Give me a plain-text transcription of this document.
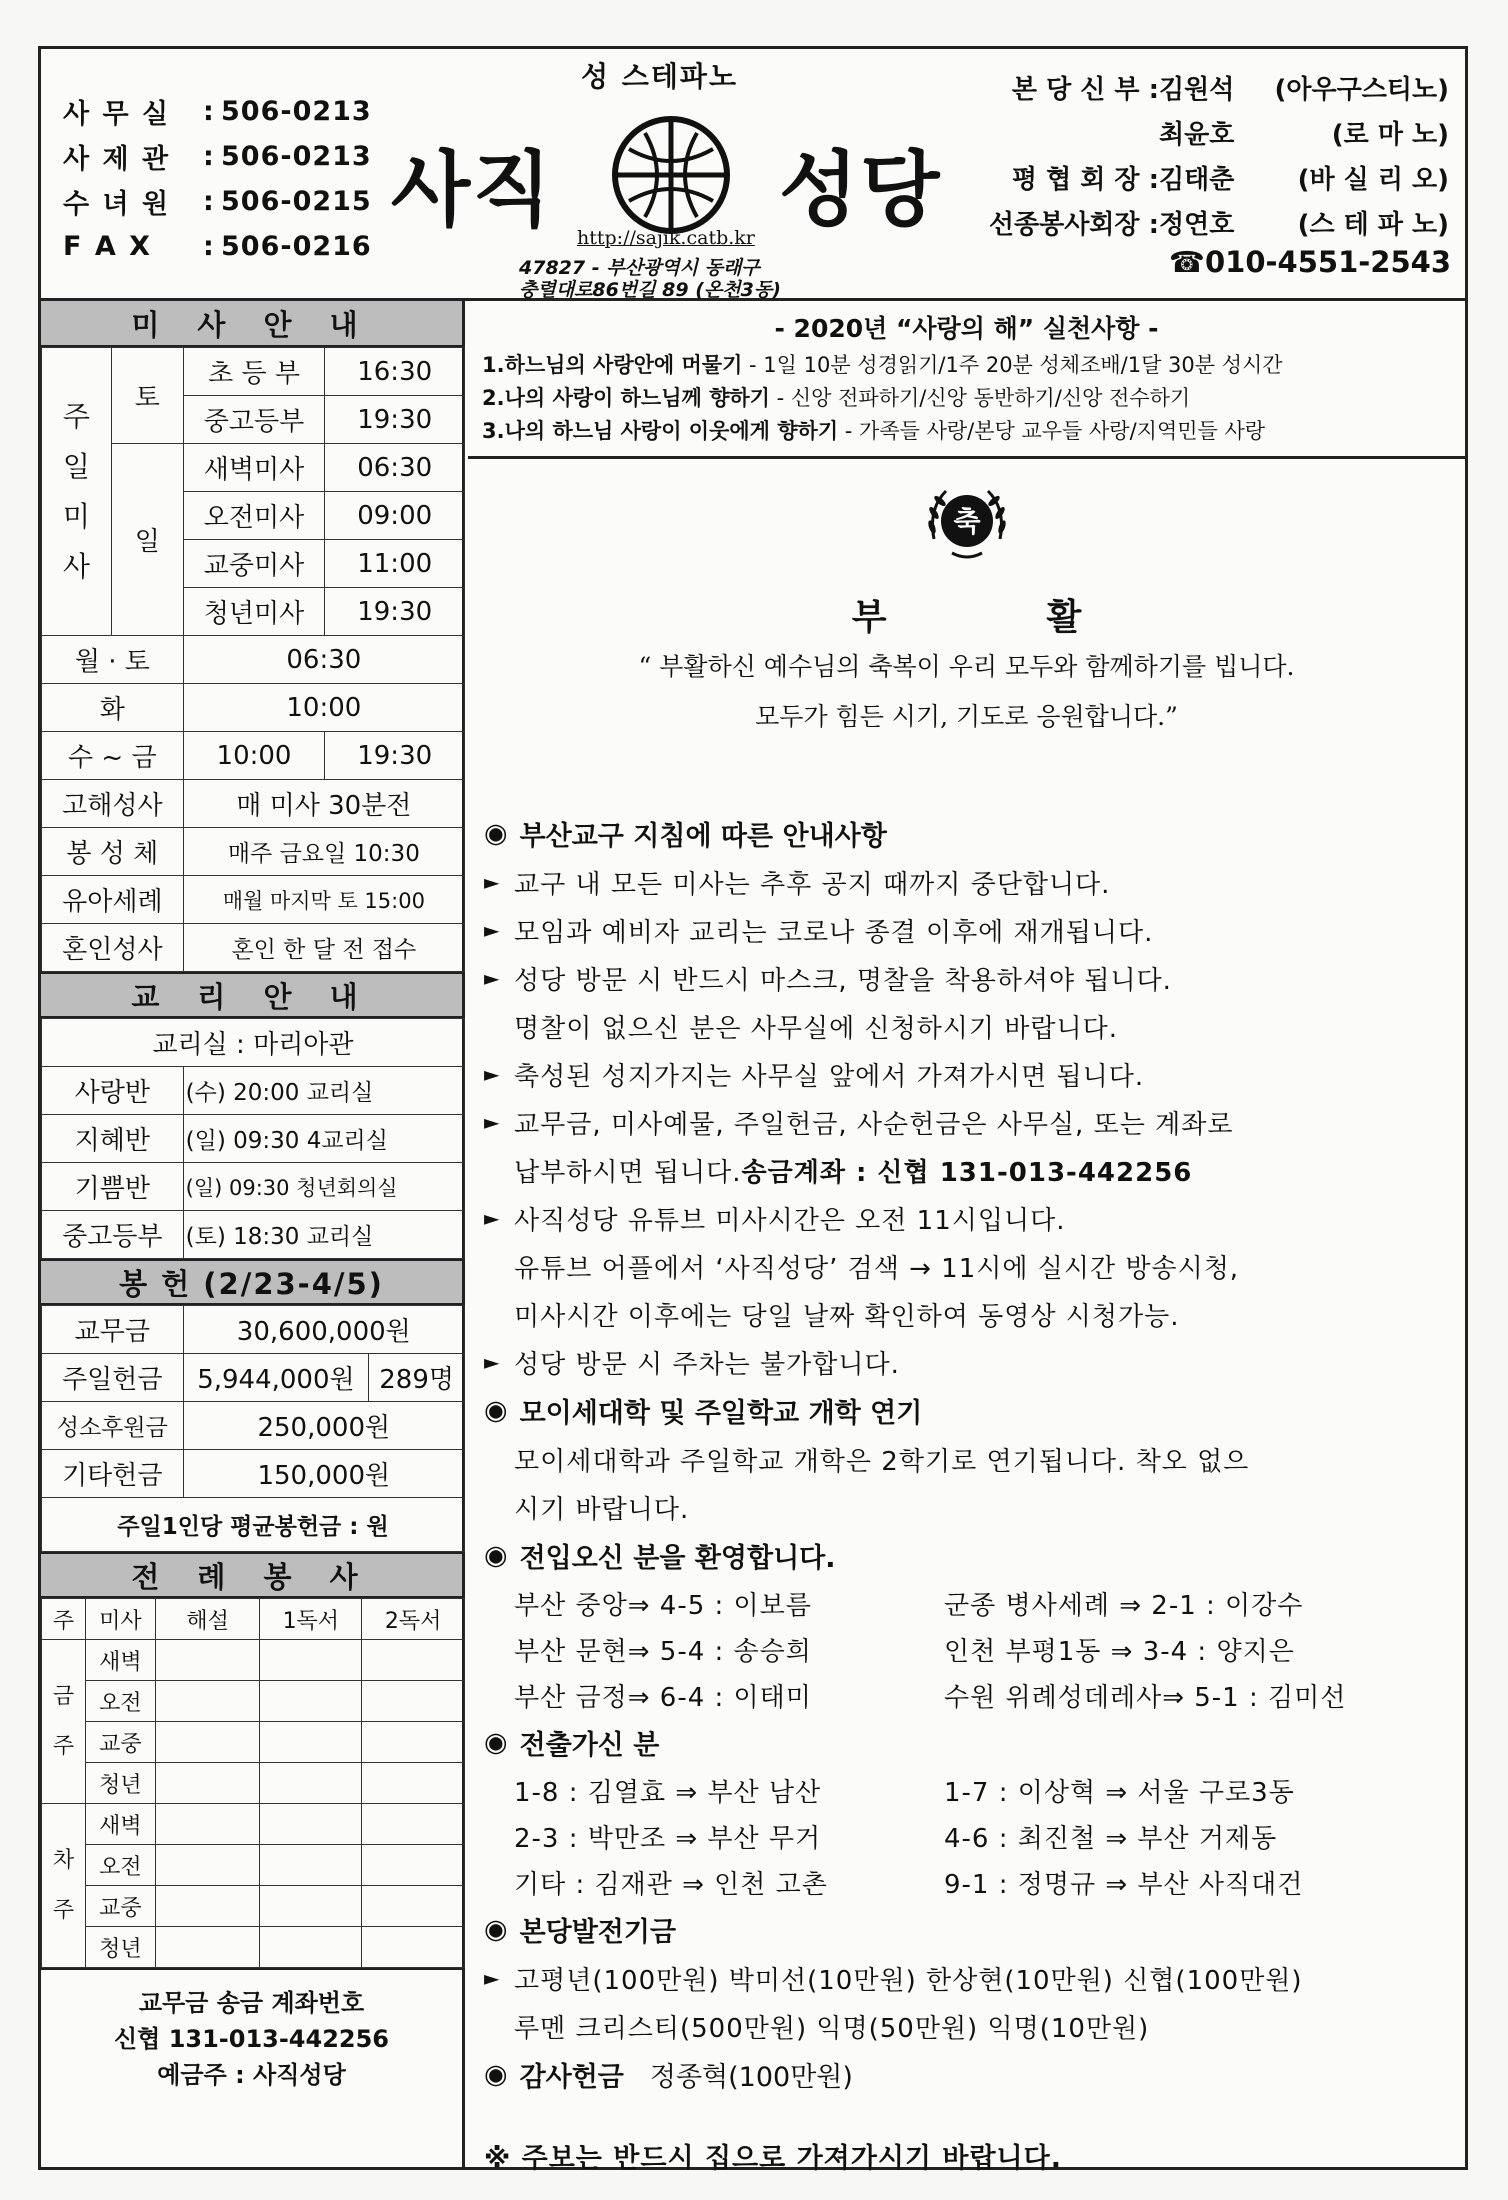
사 무 실	: 506-0213
사 제 관	: 506-0213
수 녀 원	: 506-0215
F A X	: 506-0216
성 스테파노
사직	성당
http://sajik.catb.kr
47827 - 부산광역시 동래구
충렬대로86번길 89 (온천3동)
본 당 신 부 : 김원석 (아우구스티노)
최윤호	(로 마 노)
평 협 회 장 : 김태춘 (바 실 리 오)
선종봉사회장 : 정연호 (스 테 파 노)
☎010-4551-2543
미 사 안 내
주일미사	토	초 등 부	16:30
		중고등부	19:30
	일	새벽미사	06:30
		오전미사	09:00
		교중미사	11:00
		청년미사	19:30
월 · 토		06:30	
화		10:00	
수 ~ 금		10:00	19:30
고해성사		매 미사 30분전	
봉 성 체		매주 금요일 10:30	
유아세례		매월 마지막 토 15:00	
혼인성사		혼인 한 달 전 접수	
교 리 안 내
교리실 : 마리아관	
사랑반	(수) 20:00 교리실
지혜반	(일) 09:30 4교리실
기쁨반	(일) 09:30 청년회의실
중고등부	(토) 18:30 교리실
봉 헌 (2/23-4/5)
교무금	30,600,000원	
주일헌금	5,944,000원	289명
성소후원금	250,000원	
기타헌금	150,000원	
주일1인당 평균봉헌금 : 원		
전 례 봉 사
주	미사	해설	1독서	2독서
금주	새벽			
	오전			
	교중			
	청년			
차주	새벽			
	오전			
	교중			
	청년			
교무금 송금 계좌번호
신협 131-013-442256
예금주 : 사직성당
- 2020년 “사랑의 해” 실천사항 -
1.하느님의 사랑안에 머물기 - 1일 10분 성경읽기/1주 20분 성체조배/1달 30분 성시간
2.나의 사랑이 하느님께 향하기 - 신앙 전파하기/신앙 동반하기/신앙 전수하기
3.나의 하느님 사랑이 이웃에게 향하기 - 가족들 사랑/본당 교우들 사랑/지역민들 사랑
축
부활
“ 부활하신 예수님의 축복이 우리 모두와 함께하기를 빕니다.
모두가 힘든 시기, 기도로 응원합니다.”
◉ 부산교구 지침에 따른 안내사항
► 교구 내 모든 미사는 추후 공지 때까지 중단합니다.
► 모임과 예비자 교리는 코로나 종결 이후에 재개됩니다.
► 성당 방문 시 반드시 마스크, 명찰을 착용하셔야 됩니다.
명찰이 없으신 분은 사무실에 신청하시기 바랍니다.
► 축성된 성지가지는 사무실 앞에서 가져가시면 됩니다.
► 교무금, 미사예물, 주일헌금, 사순헌금은 사무실, 또는 계좌로
납부하시면 됩니다. 송금계좌 : 신협 131-013-442256
► 사직성당 유튜브 미사시간은 오전 11시입니다.
유튜브 어플에서 ‘사직성당’ 검색 → 11시에 실시간 방송시청,
미사시간 이후에는 당일 날짜 확인하여 동영상 시청가능.
► 성당 방문 시 주차는 불가합니다.
◉ 모이세대학 및 주일학교 개학 연기
모이세대학과 주일학교 개학은 2학기로 연기됩니다. 착오 없으
시기 바랍니다.
◉ 전입오신 분을 환영합니다.
부산 중앙⇒ 4-5 : 이보름	군종 병사세례 ⇒ 2-1 : 이강수
부산 문현⇒ 5-4 : 송승희	인천 부평1동 ⇒ 3-4 : 양지은
부산 금정⇒ 6-4 : 이태미	수원 위례성데레사⇒ 5-1 : 김미선
◉ 전출가신 분
1-8 : 김열효 ⇒ 부산 남산	1-7 : 이상혁 ⇒ 서울 구로3동
2-3 : 박만조 ⇒ 부산 무거	4-6 : 최진철 ⇒ 부산 거제동
기타 : 김재관 ⇒ 인천 고촌	9-1 : 정명규 ⇒ 부산 사직대건
◉ 본당발전기금
► 고평년(100만원) 박미선(10만원) 한상현(10만원) 신협(100만원)
루멘 크리스티(500만원) 익명(50만원) 익명(10만원)
◉ 감사헌금 정종혁(100만원)
※ 주보는 반드시 집으로 가져가시기 바랍니다.
